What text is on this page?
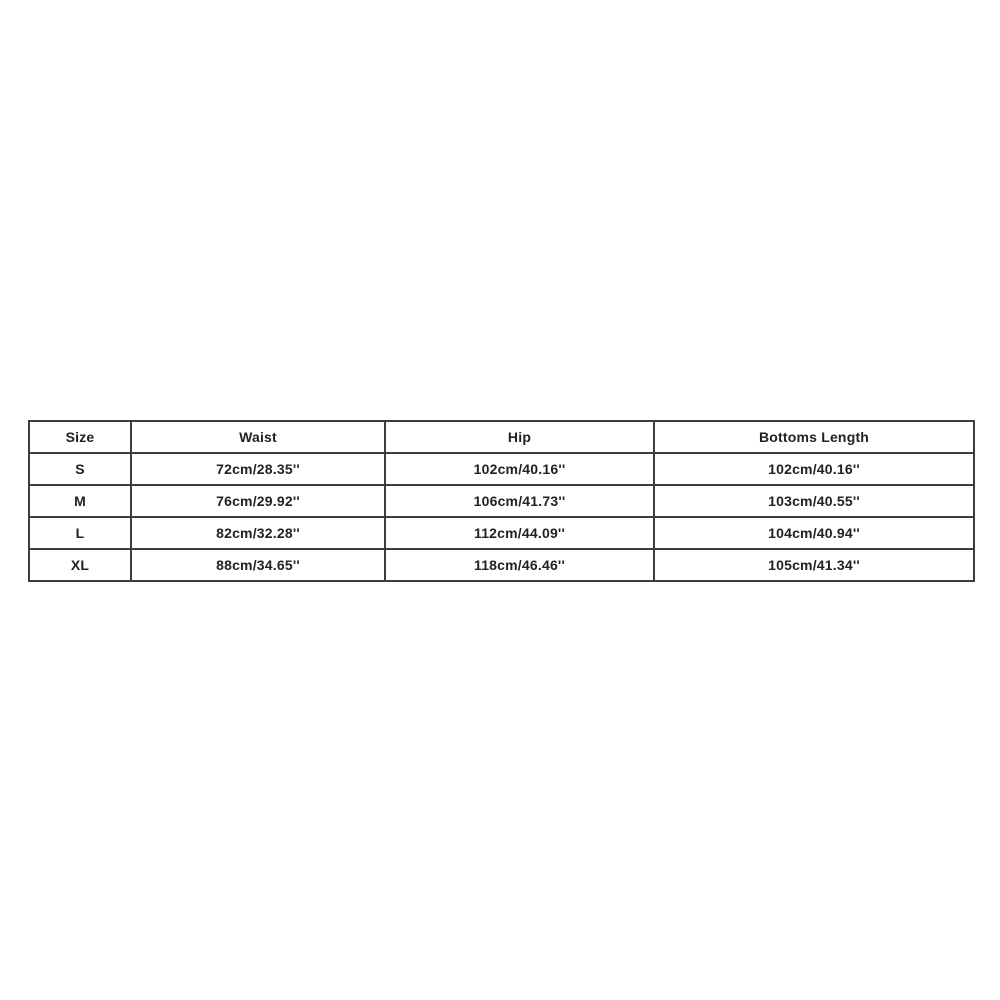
Size	Waist	Hip	Bottoms Length
S	72cm/28.35''	102cm/40.16''	102cm/40.16''
M	76cm/29.92''	106cm/41.73''	103cm/40.55''
L	82cm/32.28''	112cm/44.09''	104cm/40.94''
XL	88cm/34.65''	118cm/46.46''	105cm/41.34''
